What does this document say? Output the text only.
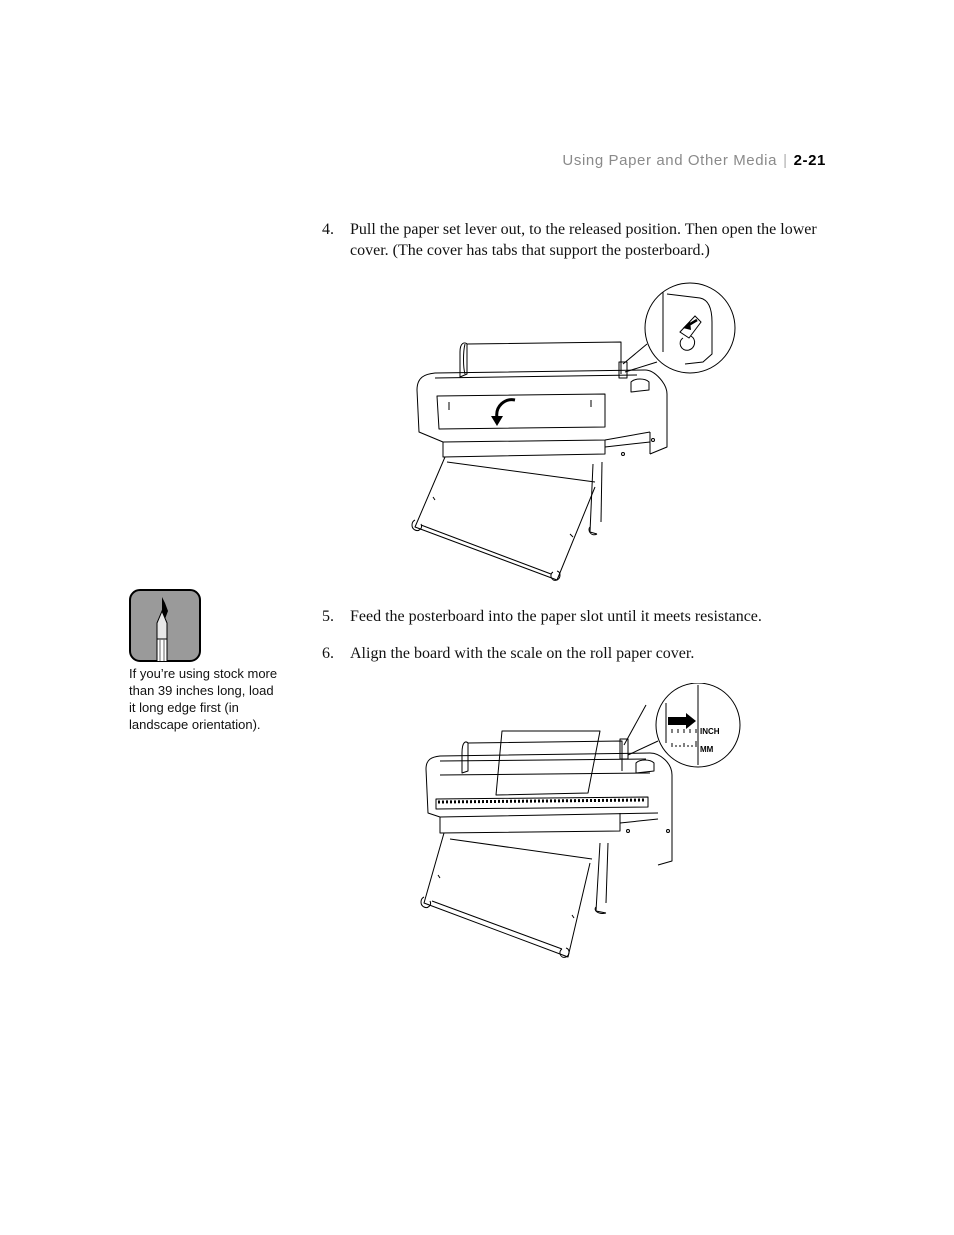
Using Paper and Other Media | 2-21
4. Pull the paper set lever out, to the released position. Then open the lower cover. (The cover has tabs that support the posterboard.)
If you’re using stock more than 39 inches long, load it long edge first (in landscape orientation).
5. Feed the posterboard into the paper slot until it meets resistance.
6. Align the board with the scale on the roll paper cover.
INCH
MM
